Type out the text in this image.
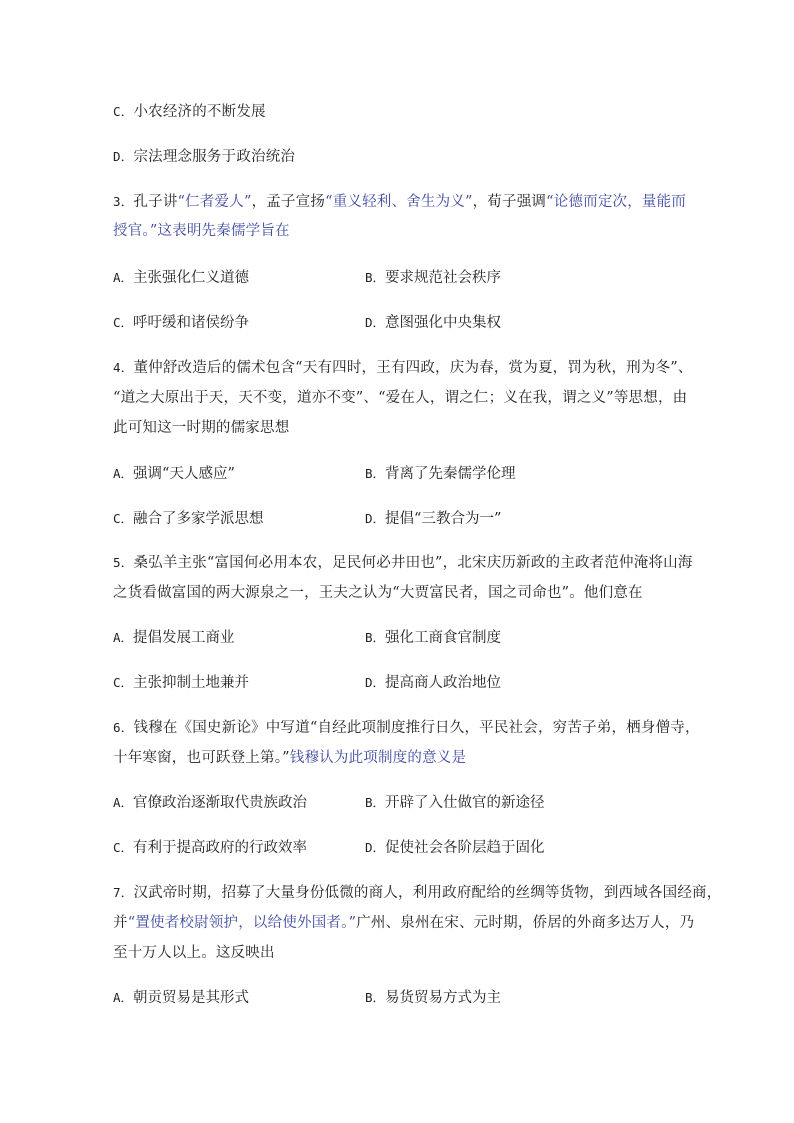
C．小农经济的不断发展
D．宗法理念服务于政治统治
3．孔子讲“仁者爱人”，孟子宣扬“重义轻利、舍生为义”，荀子强调“论德而定次，量能而
授官。”这表明先秦儒学旨在
A．主张强化仁义道德	B．要求规范社会秩序
C．呼吁缓和诸侯纷争	D．意图强化中央集权
4．董仲舒改造后的儒术包含“天有四时，王有四政，庆为春，赏为夏，罚为秋，刑为冬”、
“道之大原出于天，天不变，道亦不变”、“爱在人，谓之仁；义在我，谓之义”等思想，由
此可知这一时期的儒家思想
A．强调“天人感应”	B．背离了先秦儒学伦理
C．融合了多家学派思想	D．提倡“三教合为一”
5．桑弘羊主张“富国何必用本农，足民何必井田也”，北宋庆历新政的主政者范仲淹将山海
之货看做富国的两大源泉之一，王夫之认为“大贾富民者，国之司命也”。他们意在
A．提倡发展工商业	B．强化工商食官制度
C．主张抑制土地兼并	D．提高商人政治地位
6．钱穆在《国史新论》中写道“自经此项制度推行日久，平民社会，穷苦子弟，栖身僧寺，
十年寒窗，也可跃登上第。”钱穆认为此项制度的意义是
A．官僚政治逐渐取代贵族政治	B．开辟了入仕做官的新途径
C．有利于提高政府的行政效率	D．促使社会各阶层趋于固化
7．汉武帝时期，招募了大量身份低微的商人，利用政府配给的丝绸等货物，到西域各国经商，
并“置使者校尉领护，以给使外国者。”广州、泉州在宋、元时期，侨居的外商多达万人，乃
至十万人以上。这反映出
A．朝贡贸易是其形式	B．易货贸易方式为主
